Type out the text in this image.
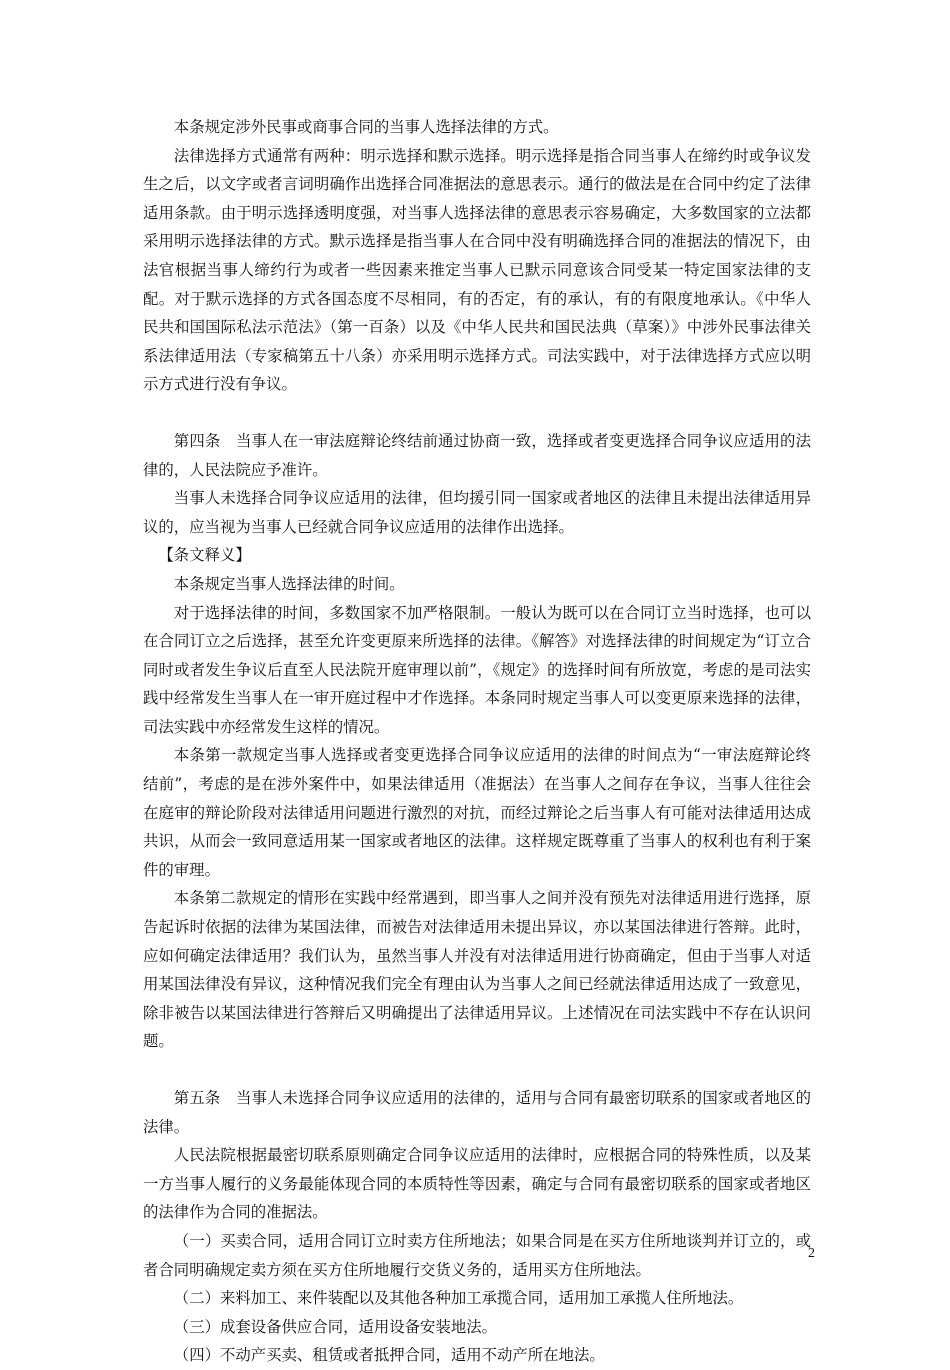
本条规定涉外民事或商事合同的当事人选择法律的方式。

法律选择方式通常有两种：明示选择和默示选择。明示选择是指合同当事人在缔约时或争议发生之后，以文字或者言词明确作出选择合同准据法的意思表示。通行的做法是在合同中约定了法律适用条款。由于明示选择透明度强，对当事人选择法律的意思表示容易确定，大多数国家的立法都采用明示选择法律的方式。默示选择是指当事人在合同中没有明确选择合同的准据法的情况下，由法官根据当事人缔约行为或者一些因素来推定当事人已默示同意该合同受某一特定国家法律的支配。对于默示选择的方式各国态度不尽相同，有的否定，有的承认，有的有限度地承认。《中华人民共和国国际私法示范法》（第一百条）以及《中华人民共和国民法典（草案）》中涉外民事法律关系法律适用法（专家稿第五十八条）亦采用明示选择方式。司法实践中，对于法律选择方式应以明示方式进行没有争议。

第四条　当事人在一审法庭辩论终结前通过协商一致，选择或者变更选择合同争议应适用的法律的，人民法院应予准许。

当事人未选择合同争议应适用的法律，但均援引同一国家或者地区的法律且未提出法律适用异议的，应当视为当事人已经就合同争议应适用的法律作出选择。

【条文释义】

本条规定当事人选择法律的时间。

对于选择法律的时间，多数国家不加严格限制。一般认为既可以在合同订立当时选择，也可以在合同订立之后选择，甚至允许变更原来所选择的法律。《解答》对选择法律的时间规定为“订立合同时或者发生争议后直至人民法院开庭审理以前”，《规定》的选择时间有所放宽，考虑的是司法实践中经常发生当事人在一审开庭过程中才作选择。本条同时规定当事人可以变更原来选择的法律，司法实践中亦经常发生这样的情况。

本条第一款规定当事人选择或者变更选择合同争议应适用的法律的时间点为“一审法庭辩论终结前”，考虑的是在涉外案件中，如果法律适用（准据法）在当事人之间存在争议，当事人往往会在庭审的辩论阶段对法律适用问题进行激烈的对抗，而经过辩论之后当事人有可能对法律适用达成共识，从而会一致同意适用某一国家或者地区的法律。这样规定既尊重了当事人的权利也有利于案件的审理。

本条第二款规定的情形在实践中经常遇到，即当事人之间并没有预先对法律适用进行选择，原告起诉时依据的法律为某国法律，而被告对法律适用未提出异议，亦以某国法律进行答辩。此时，应如何确定法律适用？我们认为，虽然当事人并没有对法律适用进行协商确定，但由于当事人对适用某国法律没有异议，这种情况我们完全有理由认为当事人之间已经就法律适用达成了一致意见，除非被告以某国法律进行答辩后又明确提出了法律适用异议。上述情况在司法实践中不存在认识问题。

第五条　当事人未选择合同争议应适用的法律的，适用与合同有最密切联系的国家或者地区的法律。

人民法院根据最密切联系原则确定合同争议应适用的法律时，应根据合同的特殊性质，以及某一方当事人履行的义务最能体现合同的本质特性等因素，确定与合同有最密切联系的国家或者地区的法律作为合同的准据法。

（一）买卖合同，适用合同订立时卖方住所地法；如果合同是在买方住所地谈判并订立的，或者合同明确规定卖方须在买方住所地履行交货义务的，适用买方住所地法。

（二）来料加工、来件装配以及其他各种加工承揽合同，适用加工承揽人住所地法。

（三）成套设备供应合同，适用设备安装地法。

（四）不动产买卖、租赁或者抵押合同，适用不动产所在地法。

2
